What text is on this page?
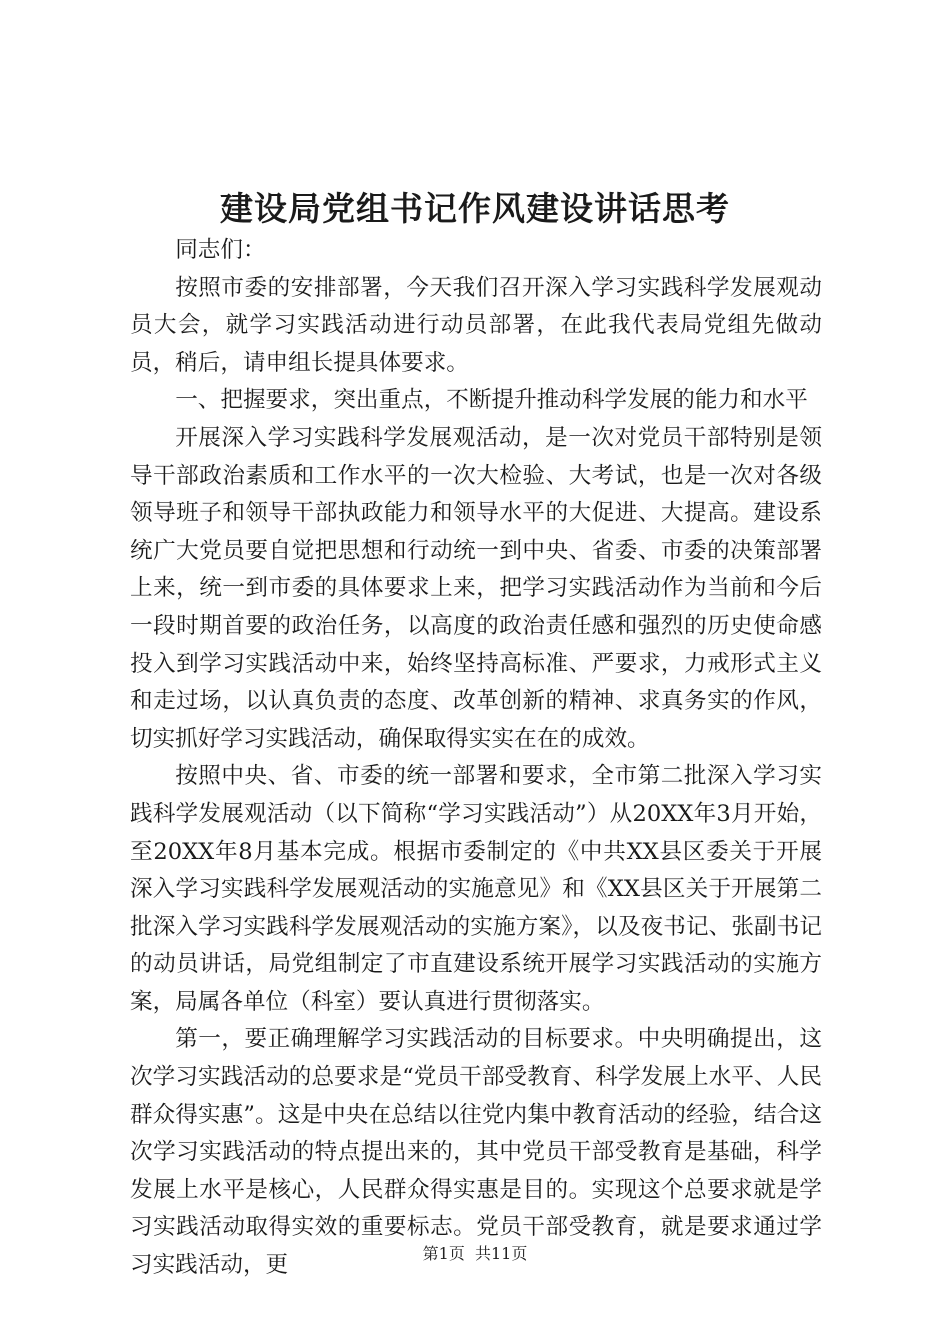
建设局党组书记作风建设讲话思考

同志们：

按照市委的安排部署，今天我们召开深入学习实践科学发展观动员大会，就学习实践活动进行动员部署，在此我代表局党组先做动员，稍后，请申组长提具体要求。

一、把握要求，突出重点，不断提升推动科学发展的能力和水平

开展深入学习实践科学发展观活动，是一次对党员干部特别是领导干部政治素质和工作水平的一次大检验、大考试，也是一次对各级领导班子和领导干部执政能力和领导水平的大促进、大提高。建设系统广大党员要自觉把思想和行动统一到中央、省委、市委的决策部署上来，统一到市委的具体要求上来，把学习实践活动作为当前和今后一段时期首要的政治任务，以高度的政治责任感和强烈的历史使命感投入到学习实践活动中来，始终坚持高标准、严要求，力戒形式主义和走过场，以认真负责的态度、改革创新的精神、求真务实的作风，切实抓好学习实践活动，确保取得实实在在的成效。

按照中央、省、市委的统一部署和要求，全市第二批深入学习实践科学发展观活动（以下简称“学习实践活动”）从20XX年3月开始，至20XX年8月基本完成。根据市委制定的《中共XX县区委关于开展深入学习实践科学发展观活动的实施意见》和《XX县区关于开展第二批深入学习实践科学发展观活动的实施方案》，以及夜书记、张副书记的动员讲话，局党组制定了市直建设系统开展学习实践活动的实施方案，局属各单位（科室）要认真进行贯彻落实。

第一，要正确理解学习实践活动的目标要求。中央明确提出，这次学习实践活动的总要求是“党员干部受教育、科学发展上水平、人民群众得实惠”。这是中央在总结以往党内集中教育活动的经验，结合这次学习实践活动的特点提出来的，其中党员干部受教育是基础，科学发展上水平是核心，人民群众得实惠是目的。实现这个总要求就是学习实践活动取得实效的重要标志。党员干部受教育，就是要求通过学习实践活动，更	第1页  共11页
